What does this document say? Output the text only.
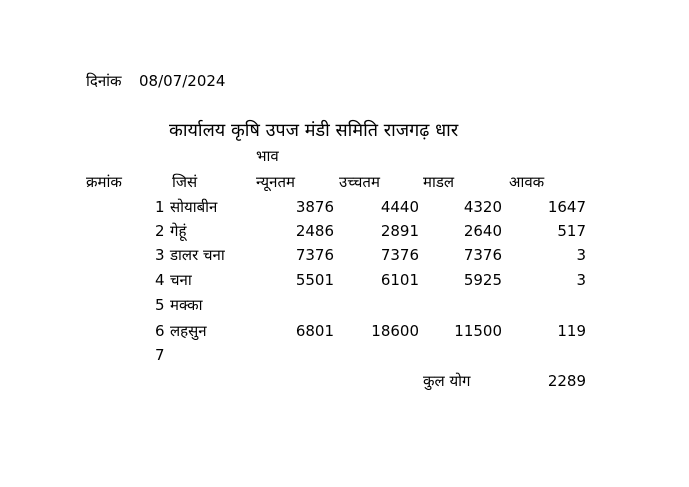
दिनांक 08/07/2024
कार्यालय कृषि उपज मंडी समिति राजगढ़ धार
भाव
क्रमांक	जिसं	न्यूनतम	उच्चतम	माडल	आवक
1 सोयाबीन	3876	4440	4320	1647
2 गेहूं	2486	2891	2640	517
3 डालर चना	7376	7376	7376	3
4 चना	5501	6101	5925	3
5 मक्का
6 लहसुन	6801	18600	11500	119
7
कुल योग	2289
